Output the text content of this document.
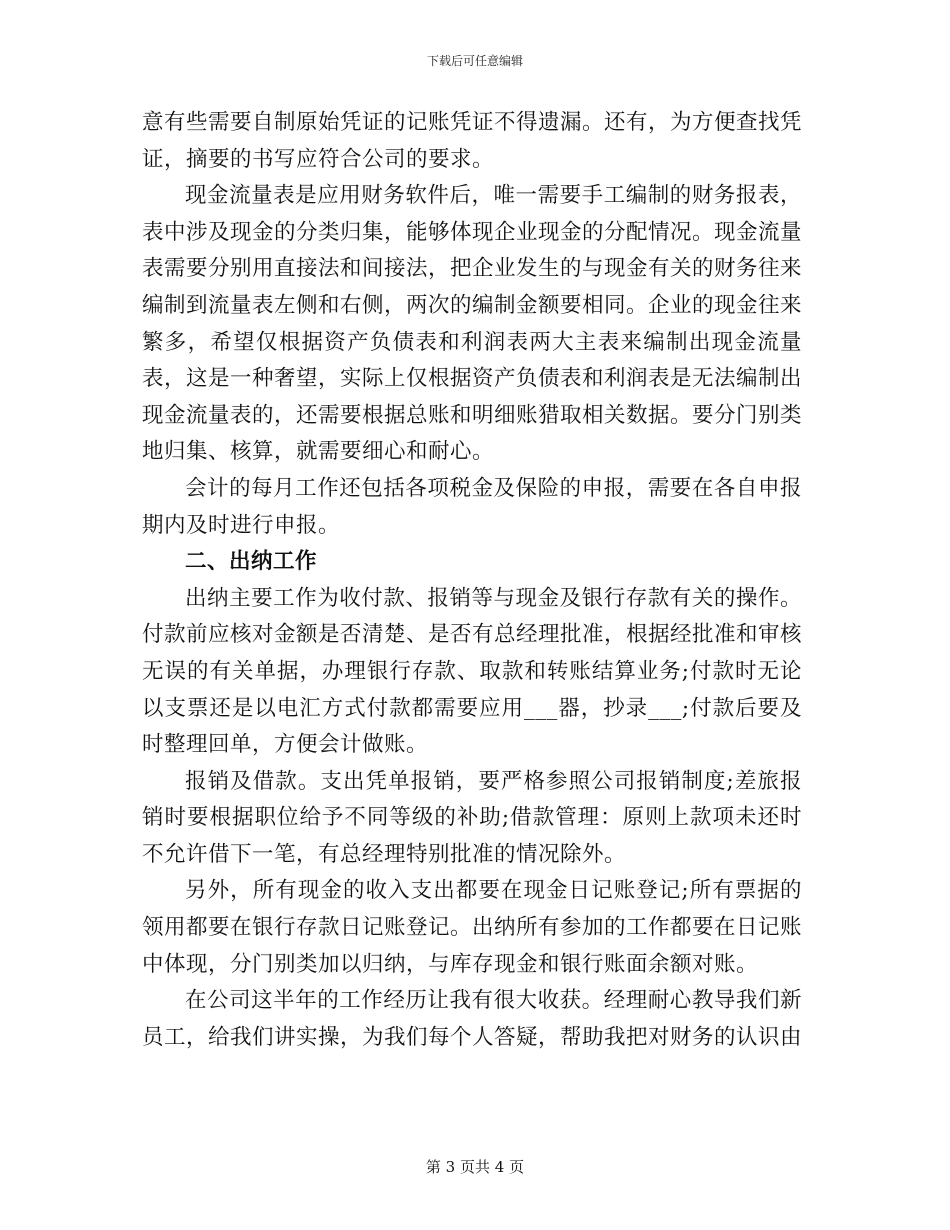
下载后可任意编辑

意有些需要自制原始凭证的记账凭证不得遗漏。还有，为方便查找凭证，摘要的书写应符合公司的要求。

现金流量表是应用财务软件后，唯一需要手工编制的财务报表，表中涉及现金的分类归集，能够体现企业现金的分配情况。现金流量表需要分别用直接法和间接法，把企业发生的与现金有关的财务往来编制到流量表左侧和右侧，两次的编制金额要相同。企业的现金往来繁多，希望仅根据资产负债表和利润表两大主表来编制出现金流量表，这是一种奢望，实际上仅根据资产负债表和利润表是无法编制出现金流量表的，还需要根据总账和明细账猎取相关数据。要分门别类地归集、核算，就需要细心和耐心。

会计的每月工作还包括各项税金及保险的申报，需要在各自申报期内及时进行申报。

二、出纳工作

出纳主要工作为收付款、报销等与现金及银行存款有关的操作。付款前应核对金额是否清楚、是否有总经理批准，根据经批准和审核无误的有关单据，办理银行存款、取款和转账结算业务;付款时无论以支票还是以电汇方式付款都需要应用___器，抄录___;付款后要及时整理回单，方便会计做账。

报销及借款。支出凭单报销，要严格参照公司报销制度;差旅报销时要根据职位给予不同等级的补助;借款管理：原则上款项未还时不允许借下一笔，有总经理特别批准的情况除外。

另外，所有现金的收入支出都要在现金日记账登记;所有票据的领用都要在银行存款日记账登记。出纳所有参加的工作都要在日记账中体现，分门别类加以归纳，与库存现金和银行账面余额对账。

在公司这半年的工作经历让我有很大收获。经理耐心教导我们新员工，给我们讲实操，为我们每个人答疑，帮助我把对财务的认识由

第 3 页共 4 页
